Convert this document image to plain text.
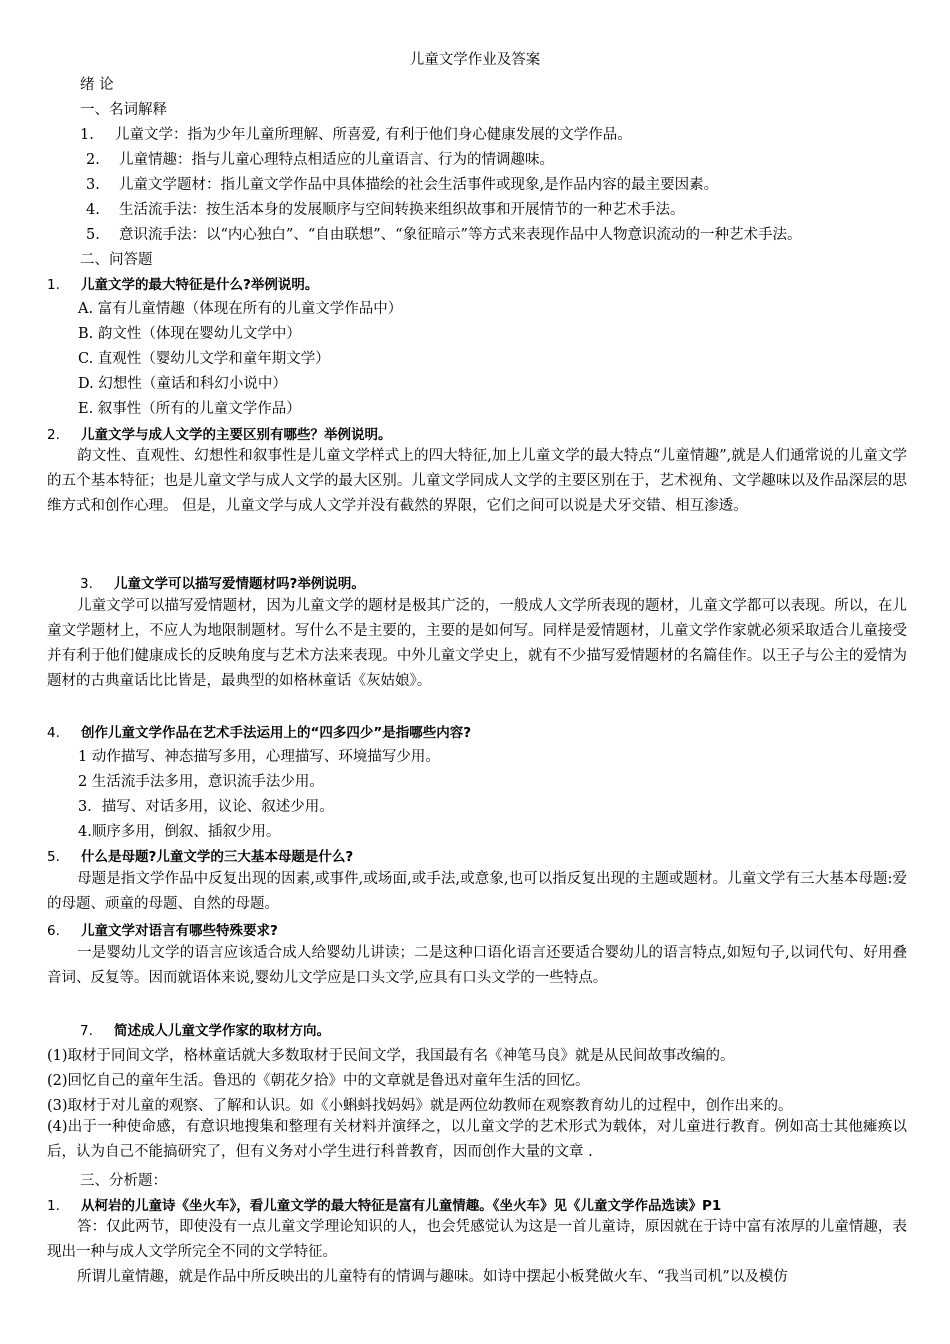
儿童文学作业及答案
绪 论
一、名词解释
1. 儿童文学：指为少年儿童所理解、所喜爱, 有利于他们身心健康发展的文学作品。
2. 儿童情趣：指与儿童心理特点相适应的儿童语言、行为的情调趣味。
3. 儿童文学题材：指儿童文学作品中具体描绘的社会生活事件或现象,是作品内容的最主要因素。
4. 生活流手法：按生活本身的发展顺序与空间转换来组织故事和开展情节的一种艺术手法。
5. 意识流手法：以“内心独白”、“自由联想”、“象征暗示”等方式来表现作品中人物意识流动的一种艺术手法。
二、问答题
1. 儿童文学的最大特征是什么?举例说明。
A. 富有儿童情趣（体现在所有的儿童文学作品中）
B. 韵文性（体现在婴幼儿文学中）
C. 直观性（婴幼儿文学和童年期文学）
D. 幻想性（童话和科幻小说中）
E. 叙事性（所有的儿童文学作品）
2. 儿童文学与成人文学的主要区别有哪些？举例说明。
韵文性、直观性、幻想性和叙事性是儿童文学样式上的四大特征,加上儿童文学的最大特点“儿童情趣”,就是人们通常说的儿童文学的五个基本特征；也是儿童文学与成人文学的最大区别。儿童文学同成人文学的主要区别在于，艺术视角、文学趣味以及作品深层的思维方式和创作心理。 但是，儿童文学与成人文学并没有截然的界限，它们之间可以说是犬牙交错、相互渗透。
3. 儿童文学可以描写爱情题材吗?举例说明。
儿童文学可以描写爱情题材，因为儿童文学的题材是极其广泛的，一般成人文学所表现的题材，儿童文学都可以表现。所以，在儿童文学题材上，不应人为地限制题材。写什么不是主要的，主要的是如何写。同样是爱情题材，儿童文学作家就必须采取适合儿童接受并有利于他们健康成长的反映角度与艺术方法来表现。中外儿童文学史上，就有不少描写爱情题材的名篇佳作。以王子与公主的爱情为题材的古典童话比比皆是，最典型的如格林童话《灰姑娘》。
4. 创作儿童文学作品在艺术手法运用上的“四多四少”是指哪些内容?
1 动作描写、神态描写多用，心理描写、环境描写少用。
2 生活流手法多用，意识流手法少用。
3．描写、对话多用，议论、叙述少用。
4.顺序多用，倒叙、插叙少用。
5. 什么是母题?儿童文学的三大基本母题是什么?
母题是指文学作品中反复出现的因素,或事件,或场面,或手法,或意象,也可以指反复出现的主题或题材。儿童文学有三大基本母题:爱的母题、顽童的母题、自然的母题。
6. 儿童文学对语言有哪些特殊要求?
一是婴幼儿文学的语言应该适合成人给婴幼儿讲读；二是这种口语化语言还要适合婴幼儿的语言特点,如短句子,以词代句、好用叠音词、反复等。因而就语体来说,婴幼儿文学应是口头文学,应具有口头文学的一些特点。
7. 简述成人儿童文学作家的取材方向。
(1)取材于同间文学，格林童话就大多数取材于民间文学，我国最有名《神笔马良》就是从民间故事改编的。
(2)回忆自己的童年生活。鲁迅的《朝花夕拾》中的文章就是鲁迅对童年生活的回忆。
(3)取材于对儿童的观察、了解和认识。如《小蝌蚪找妈妈》就是两位幼教师在观察教育幼儿的过程中，创作出来的。
(4)出于一种使命感，有意识地搜集和整理有关材料并演绎之，以儿童文学的艺术形式为载体，对儿童进行教育。例如高士其他瘫痪以后，认为自己不能搞研究了，但有义务对小学生进行科普教育，因而创作大量的文章 .
三、分析题：
1. 从柯岩的儿童诗《坐火车》，看儿童文学的最大特征是富有儿童情趣。《坐火车》见《儿童文学作品选读》P1
答：仅此两节，即使没有一点儿童文学理论知识的人，也会凭感觉认为这是一首儿童诗，原因就在于诗中富有浓厚的儿童情趣，表现出一种与成人文学所完全不同的文学特征。
所谓儿童情趣，就是作品中所反映出的儿童特有的情调与趣味。如诗中摆起小板凳做火车、“我当司机”以及模仿
